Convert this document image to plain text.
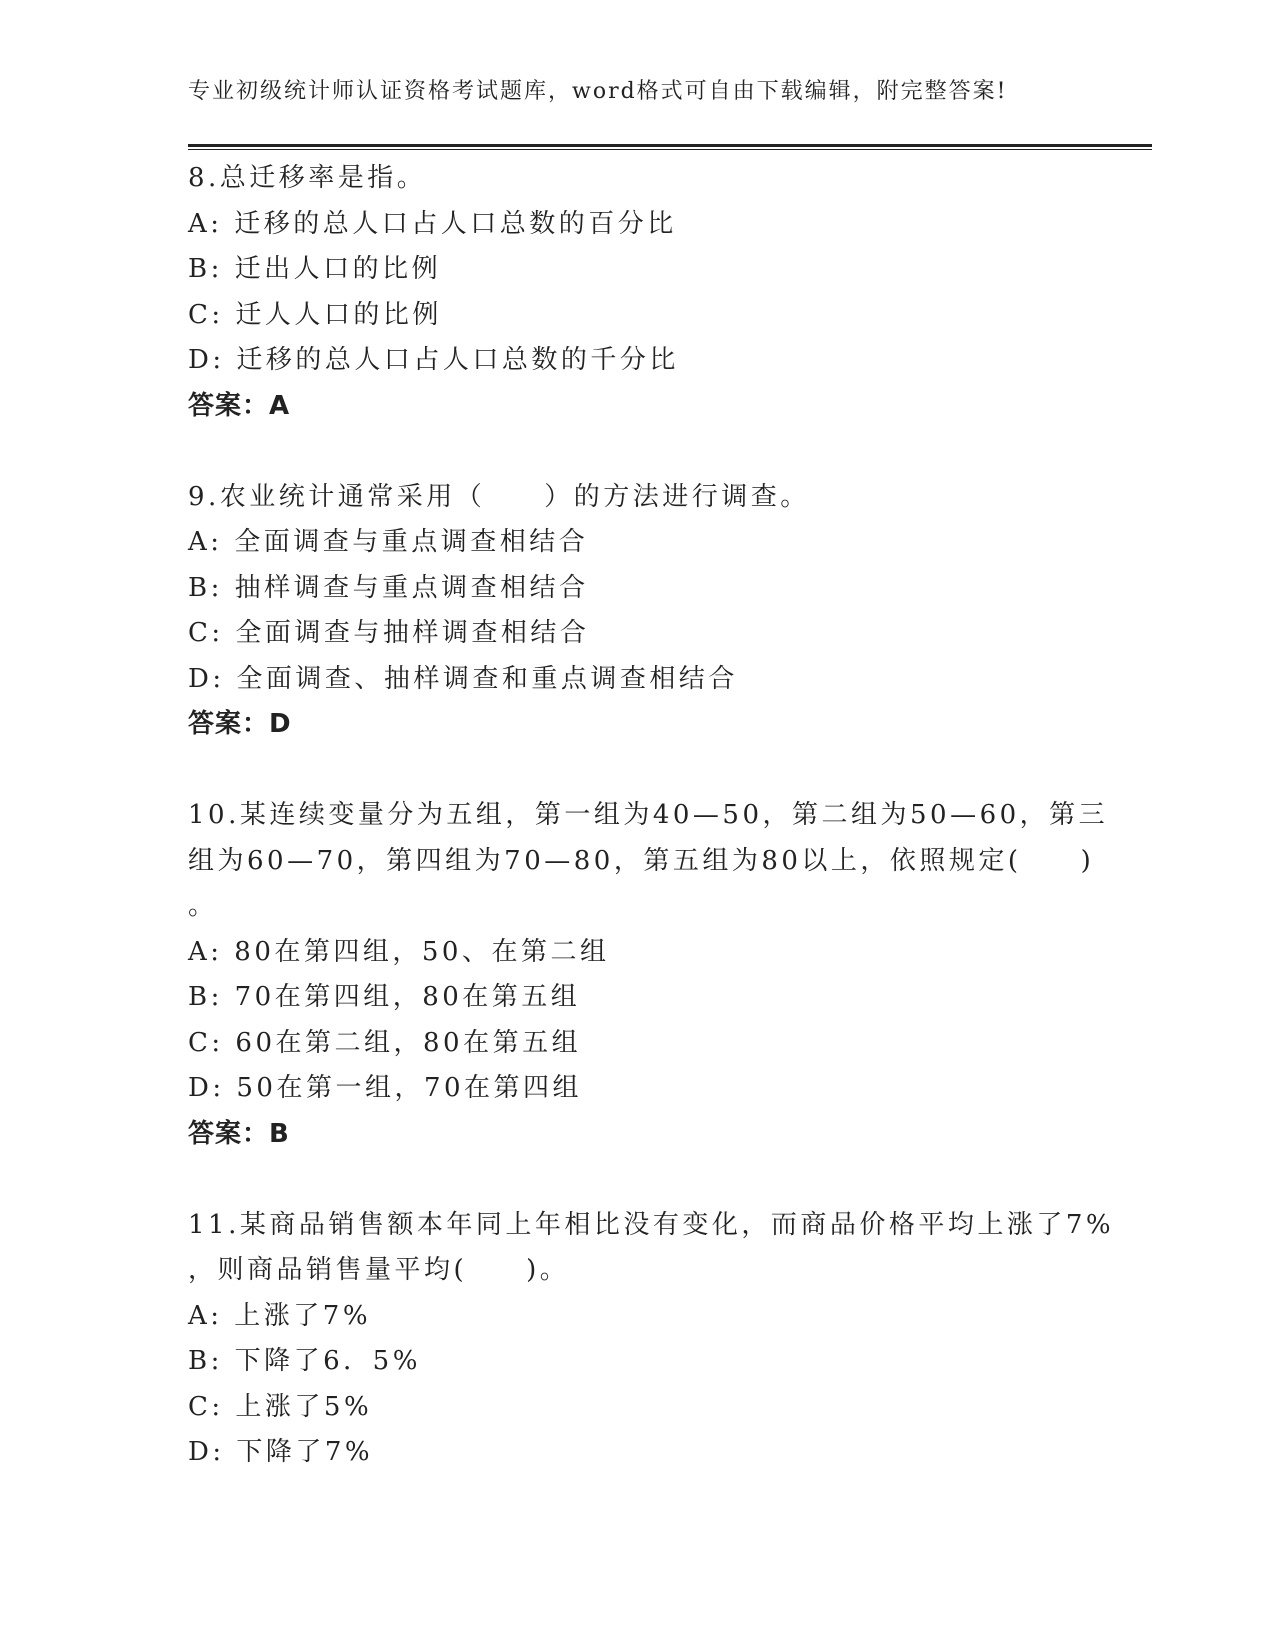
专业初级统计师认证资格考试题库，word格式可自由下载编辑，附完整答案!
8.总迁移率是指。
A: 迁移的总人口占人口总数的百分比
B: 迁出人口的比例
C: 迁人人口的比例
D: 迁移的总人口占人口总数的千分比
答案：A
9.农业统计通常采用（　　）的方法进行调查。
A: 全面调查与重点调查相结合
B: 抽样调查与重点调查相结合
C: 全面调查与抽样调查相结合
D: 全面调查、抽样调查和重点调查相结合
答案：D
10.某连续变量分为五组，第一组为40—50，第二组为50—60，第三
组为60—70，第四组为70—80，第五组为80以上，依照规定(　　)
。
A: 80在第四组，50、在第二组
B: 70在第四组，80在第五组
C: 60在第二组，80在第五组
D: 50在第一组，70在第四组
答案：B
11.某商品销售额本年同上年相比没有变化，而商品价格平均上涨了7%
，则商品销售量平均(　　)。
A: 上涨了7%
B: 下降了6．5%
C: 上涨了5%
D: 下降了7%
